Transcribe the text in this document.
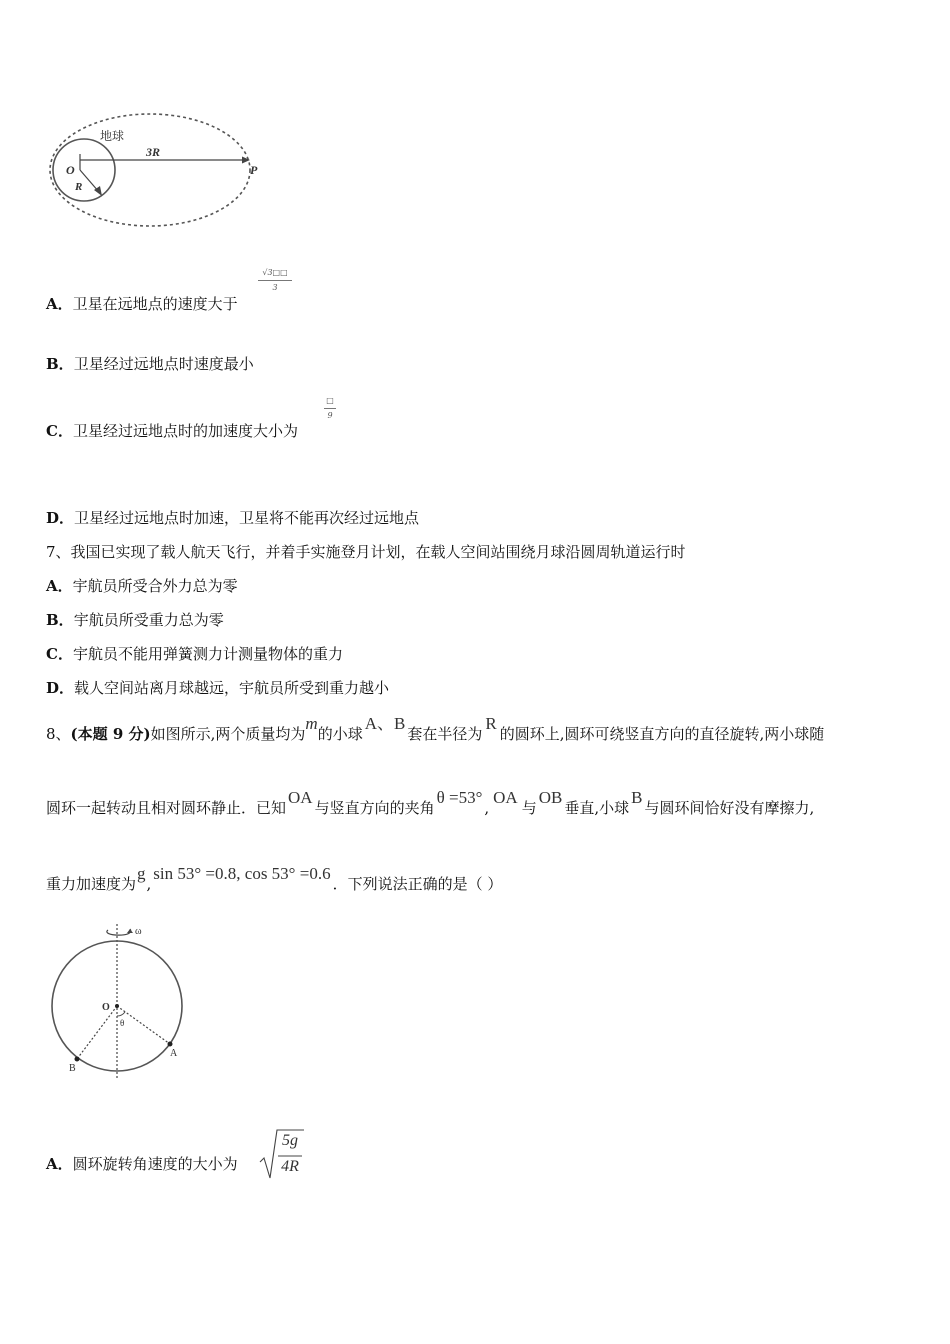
地球
O
R
3R
P
A．卫星在远地点的速度大于
$\frac{√3□□}{3}$
B．卫星经过远地点时速度最小
C．卫星经过远地点时的加速度大小为
□
9
D．卫星经过远地点时加速，卫星将不能再次经过远地点
7、我国已实现了载人航天飞行，并着手实施登月计划，在载人空间站围绕月球沿圆周轨道运行时
A．宇航员所受合外力总为零
B．宇航员所受重力总为零
C．宇航员不能用弹簧测力计测量物体的重力
D．载人空间站离月球越远，宇航员所受到重力越小
8、(本题 9 分)如图所示,两个质量均为m的小球A、B套在半径为R的圆环上,圆环可绕竖直方向的直径旋转,两小球随
圆环一起转动且相对圆环静止．已知OA与竖直方向的夹角θ =53°,OA与OB垂直,小球B与圆环间恰好没有摩擦力,
重力加速度为g,sin 53° =0.8, cos 53° =0.6．下列说法正确的是（ ）
ω
O
θ
A
B
A．圆环旋转角速度的大小为
5g
4R
